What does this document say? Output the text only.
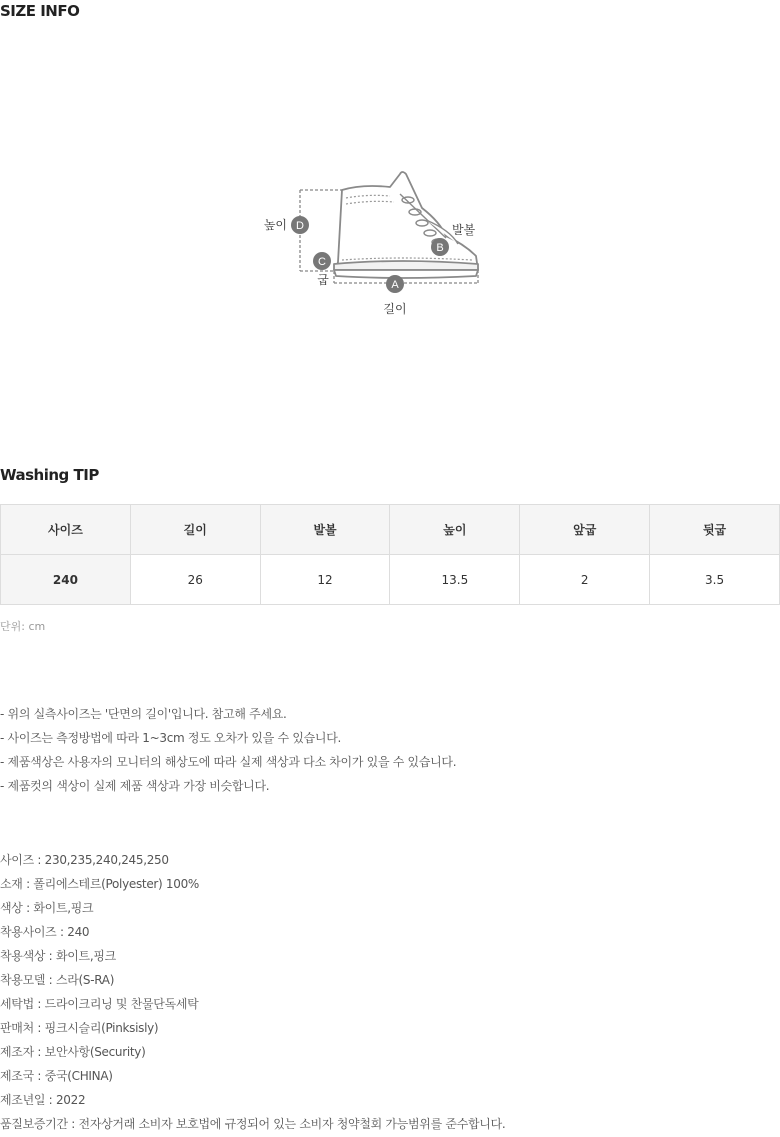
SIZE INFO
A
B
C
D
길이
발볼
굽
높이
Washing TIP
사이즈	길이	발볼	높이	앞굽	뒷굽
240	26	12	13.5	2	3.5
단위: cm
- 위의 실측사이즈는 '단면의 길이'입니다. 참고해 주세요.
- 사이즈는 측정방법에 따라 1~3cm 정도 오차가 있을 수 있습니다.
- 제품색상은 사용자의 모니터의 해상도에 따라 실제 색상과 다소 차이가 있을 수 있습니다.
- 제품컷의 색상이 실제 제품 색상과 가장 비슷합니다.
사이즈 : 230,235,240,245,250
소재 : 폴리에스테르(Polyester) 100%
색상 : 화이트,핑크
착용사이즈 : 240
착용색상 : 화이트,핑크
착용모델 : 스라(S-RA)
세탁법 : 드라이크리닝 및 찬물단독세탁
판매처 : 핑크시슬리(Pinksisly)
제조자 : 보안사항(Security)
제조국 : 중국(CHINA)
제조년일 : 2022
품질보증기간 : 전자상거래 소비자 보호법에 규정되어 있는 소비자 청약철회 가능범위를 준수합니다.
